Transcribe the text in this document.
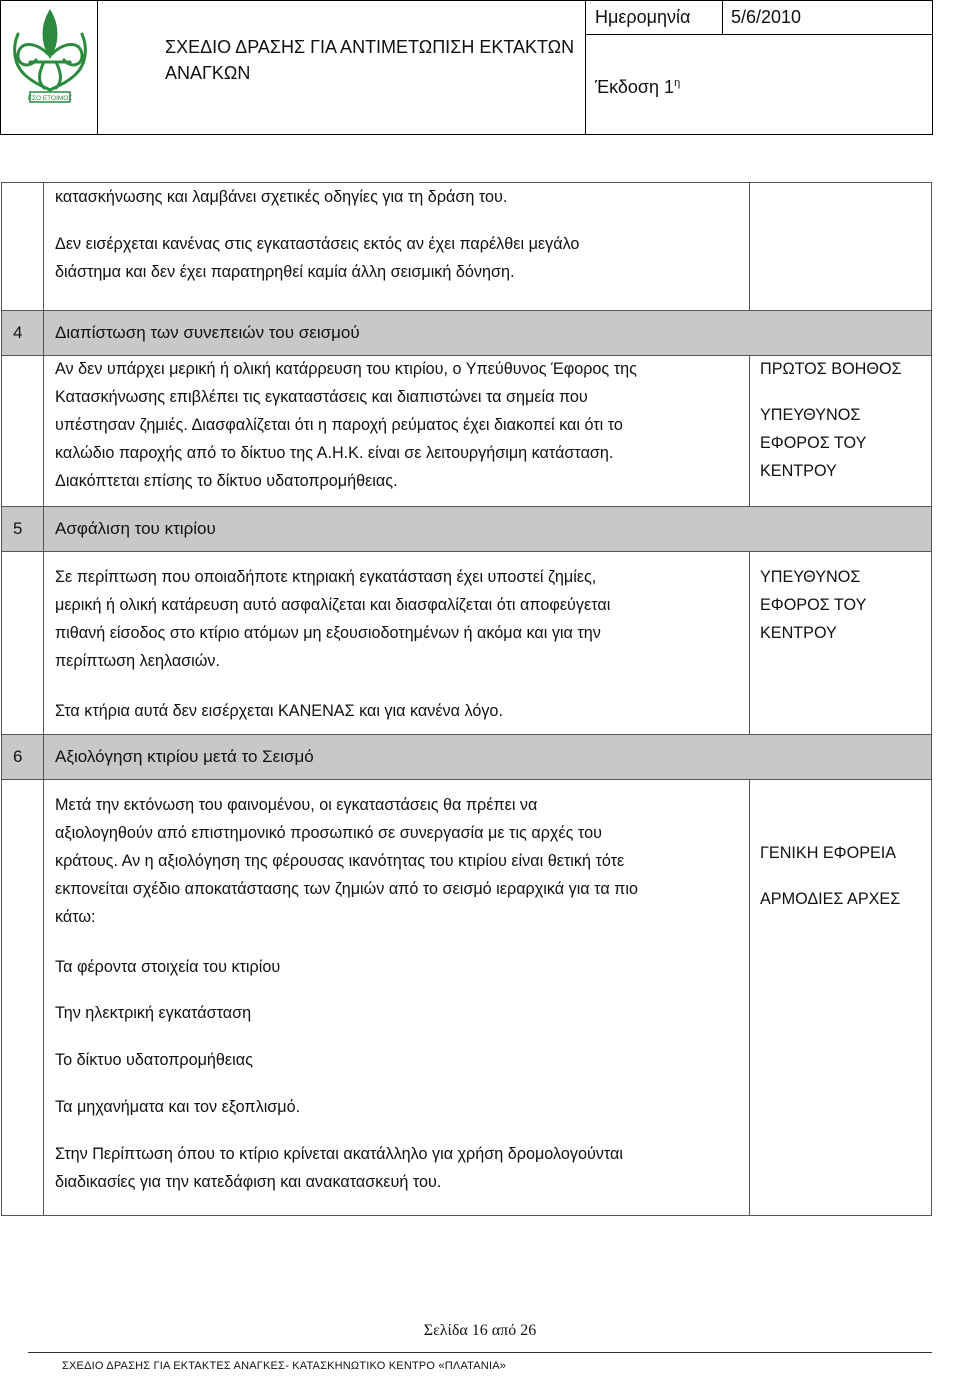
ΕΣΟ ΕΤΟΙΜΟΣ
ΣΧΕΔΙΟ ΔΡΑΣΗΣ ΓΙΑ ΑΝΤΙΜΕΤΩΠΙΣΗ ΕΚΤΑΚΤΩΝ
ΑΝΑΓΚΩΝ
Ημερομηνία 5/6/2010
Έκδοση $1^\eta$
κατασκήνωσης και λαμβάνει σχετικές οδηγίες για τη δράση του.
Δεν εισέρχεται κανένας στις εγκαταστάσεις εκτός αν έχει παρέλθει μεγάλο
διάστημα και δεν έχει παρατηρηθεί καμία άλλη σεισμική δόνηση.
4 Διαπίστωση των συνεπειών του σεισμού
Αν δεν υπάρχει μερική ή ολική κατάρρευση του κτιρίου, ο Υπεύθυνος Έφορος της
Κατασκήνωσης επιβλέπει τις εγκαταστάσεις και διαπιστώνει τα σημεία που
υπέστησαν ζημιές. Διασφαλίζεται ότι η παροχή ρεύματος έχει διακοπεί και ότι το
καλώδιο παροχής από το δίκτυο της Α.Η.Κ. είναι σε λειτουργήσιμη κατάσταση.
Διακόπτεται επίσης το δίκτυο υδατοπρομήθειας.
ΠΡΩΤΟΣ ΒΟΗΘΟΣ
ΥΠΕΥΘΥΝΟΣ
ΕΦΟΡΟΣ ΤΟΥ
ΚΕΝΤΡΟΥ
5 Ασφάλιση του κτιρίου
Σε περίπτωση που οποιαδήποτε κτηριακή εγκατάσταση έχει υποστεί ζημίες,
μερική ή ολική κατάρευση αυτό ασφαλίζεται και διασφαλίζεται ότι αποφεύγεται
πιθανή είσοδος στο κτίριο ατόμων μη εξουσιοδοτημένων ή ακόμα και για την
περίπτωση λεηλασιών.
Στα κτήρια αυτά δεν εισέρχεται ΚΑΝΕΝΑΣ και για κανένα λόγο.
ΥΠΕΥΘΥΝΟΣ
ΕΦΟΡΟΣ ΤΟΥ
ΚΕΝΤΡΟΥ
6 Αξιολόγηση κτιρίου μετά το Σεισμό
Μετά την εκτόνωση του φαινομένου, οι εγκαταστάσεις θα πρέπει να
αξιολογηθούν από επιστημονικό προσωπικό σε συνεργασία με τις αρχές του
κράτους. Αν η αξιολόγηση της φέρουσας ικανότητας του κτιρίου είναι θετική τότε
εκπονείται σχέδιο αποκατάστασης των ζημιών από το σεισμό ιεραρχικά για τα πιο
κάτω:
Τα φέροντα στοιχεία του κτιρίου
Την ηλεκτρική εγκατάσταση
Το δίκτυο υδατοπρομήθειας
Τα μηχανήματα και τον εξοπλισμό.
Στην Περίπτωση όπου το κτίριο κρίνεται ακατάλληλο για χρήση δρομολογούνται
διαδικασίες για την κατεδάφιση και ανακατασκευή του.
ΓΕΝΙΚΗ ΕΦΟΡΕΙΑ
ΑΡΜΟΔΙΕΣ ΑΡΧΕΣ
Σελίδα 16 από 26
ΣΧΕΔΙΟ ΔΡΑΣΗΣ ΓΙΑ ΕΚΤΑΚΤΕΣ ΑΝΑΓΚΕΣ- ΚΑΤΑΣΚΗΝΩΤΙΚΟ ΚΕΝΤΡΟ «ΠΛΑΤΑΝΙΑ»
